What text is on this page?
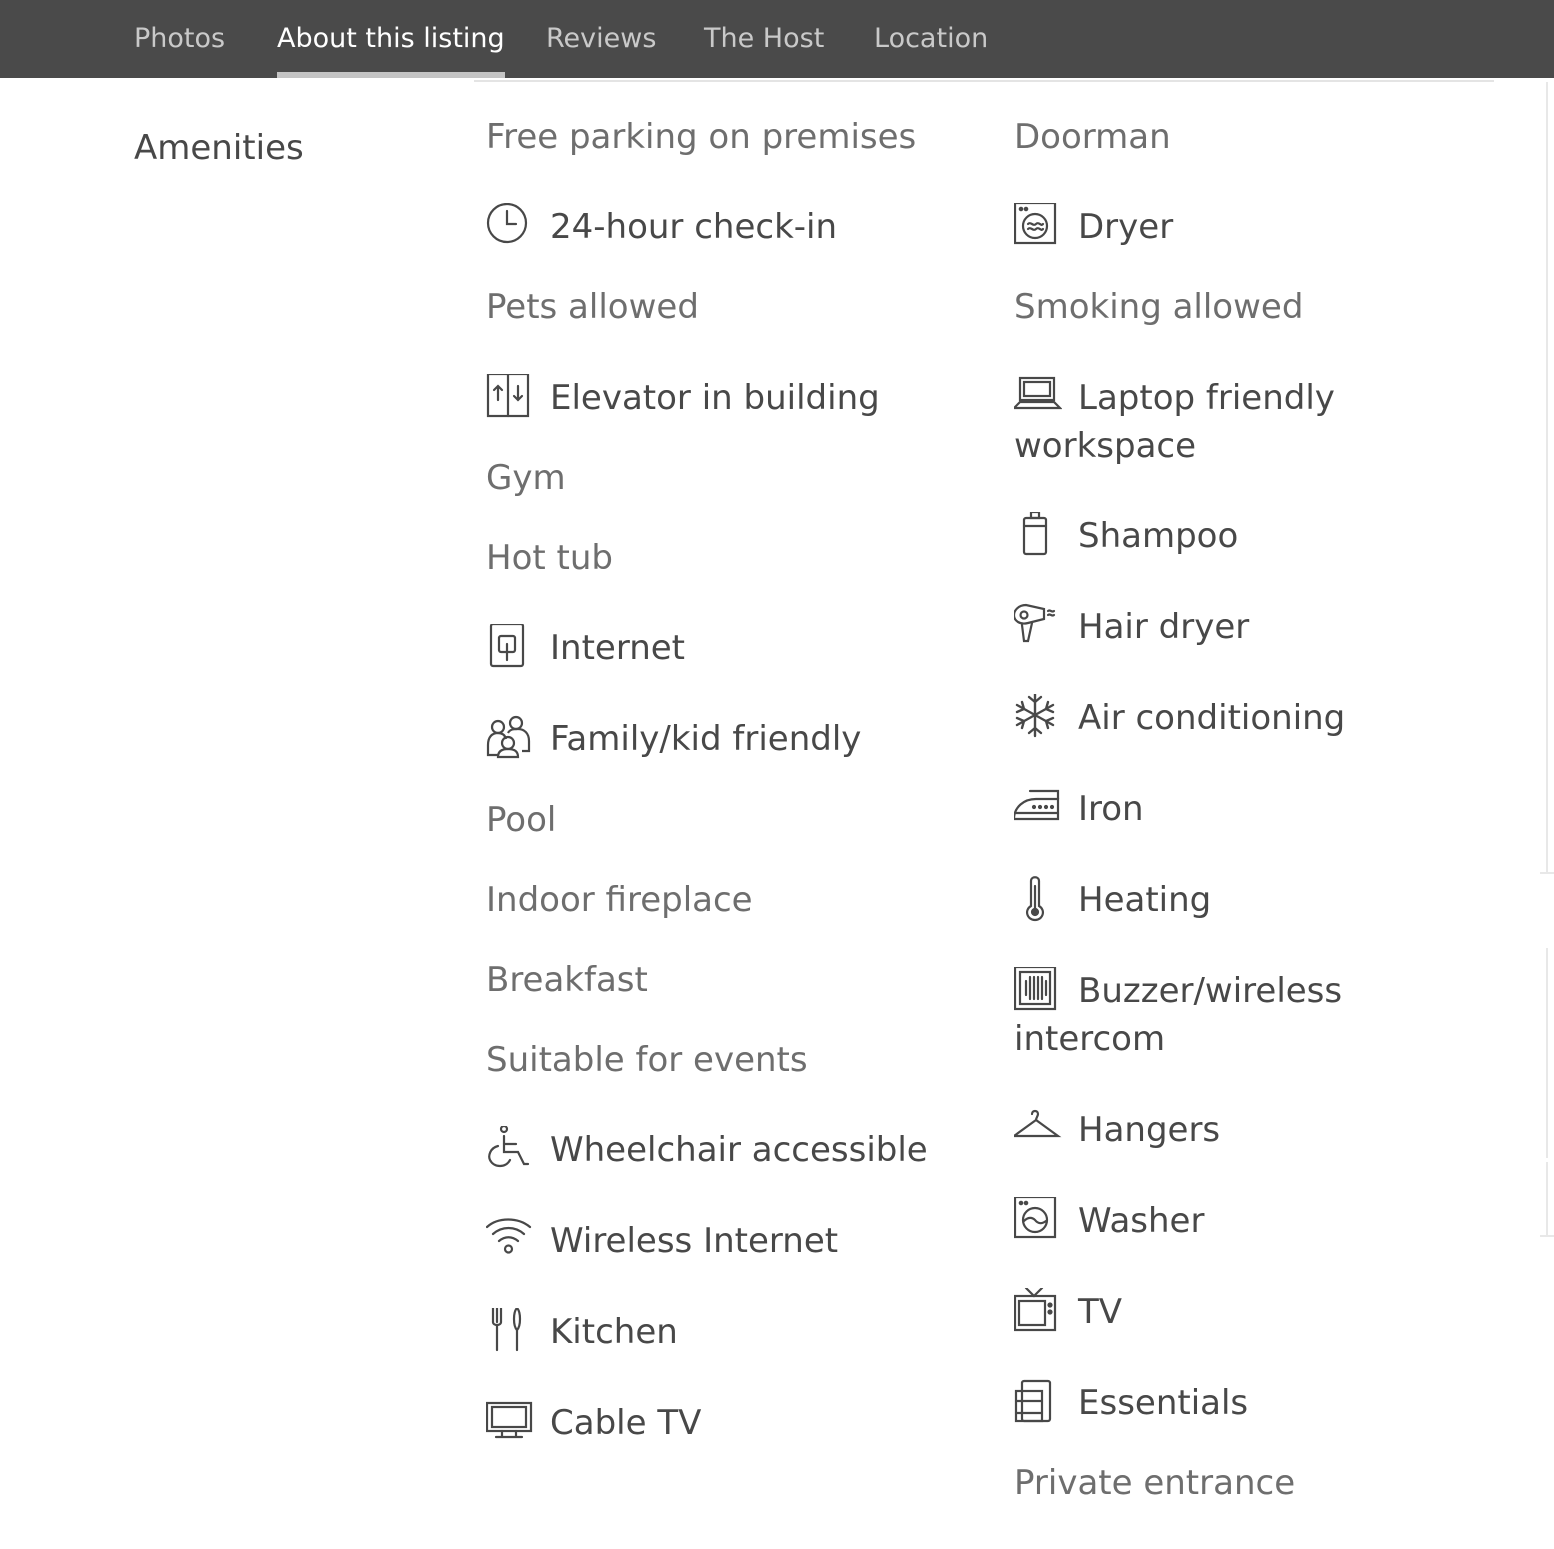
Photos About this listing Reviews The Host Location
Amenities	Free parking on premises
24-hour check-in
Pets allowed
Elevator in building
Gym
Hot tub
Internet
Family/kid friendly
Pool
Indoor fireplace
Breakfast
Suitable for events
Wheelchair accessible
Wireless Internet
Kitchen
Cable TV
Doorman
Dryer
Smoking allowed
Laptop friendly workspace
Shampoo
Hair dryer
Air conditioning
Iron
Heating
Buzzer/wireless intercom
Hangers
Washer
TV
Essentials
Private entrance
